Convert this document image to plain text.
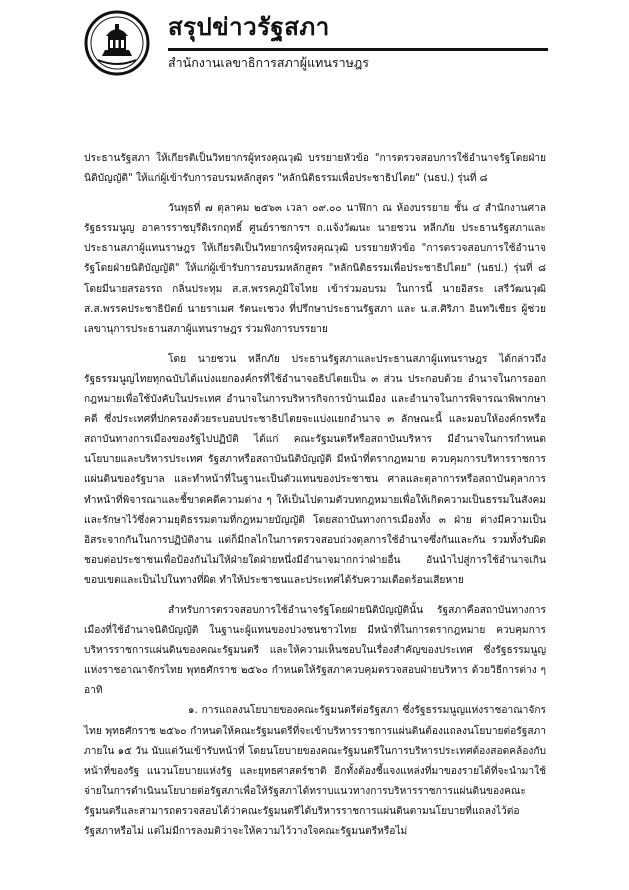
สรุปข่าวรัฐสภา
สำนักงานเลขาธิการสภาผู้แทนราษฎร

ประธานรัฐสภา ให้เกียรติเป็นวิทยากรผู้ทรงคุณวุฒิ บรรยายหัวข้อ "การตรวจสอบการใช้อำนาจรัฐโดยฝ่ายนิติบัญญัติ" ให้แก่ผู้เข้ารับการอบรมหลักสูตร "หลักนิติธรรมเพื่อประชาธิปไตย" (นธป.) รุ่นที่ ๘

วันพุธที่ ๗ ตุลาคม ๒๕๖๓ เวลา ๐๙.๐๐ นาฬิกา ณ ห้องบรรยาย ชั้น ๔ สำนักงานศาลรัฐธรรมนูญ อาคารราชบุรีดิเรกฤทธิ์ ศูนย์ราชการฯ ถ.แจ้งวัฒนะ นายชวน หลีกภัย ประธานรัฐสภาและประธานสภาผู้แทนราษฎร ให้เกียรติเป็นวิทยากรผู้ทรงคุณวุฒิ บรรยายหัวข้อ "การตรวจสอบการใช้อำนาจรัฐโดยฝ่ายนิติบัญญัติ" ให้แก่ผู้เข้ารับการอบรมหลักสูตร "หลักนิติธรรมเพื่อประชาธิปไตย" (นธป.) รุ่นที่ ๘ โดยมีนายสรอรรถ กลิ่นประทุม ส.ส.พรรคภูมิใจไทย เข้าร่วมอบรม ในการนี้ นายอิสระ เสรีวัฒนวุฒิ ส.ส.พรรคประชาธิปัตย์ นายราเมศ รัตนะเชวง ที่ปรึกษาประธานรัฐสภา และ น.ส.ศิริภา อินทวิเชียร ผู้ช่วยเลขานุการประธานสภาผู้แทนราษฎร ร่วมฟังการบรรยาย

โดย นายชวน หลีกภัย ประธานรัฐสภาและประธานสภาผู้แทนราษฎร ได้กล่าวถึงรัฐธรรมนูญไทยทุกฉบับได้แบ่งแยกองค์กรที่ใช้อำนาจอธิปไตยเป็น ๓ ส่วน ประกอบด้วย อำนาจในการออกกฎหมายเพื่อใช้บังคับในประเทศ อำนาจในการบริหารกิจการบ้านเมือง และอำนาจในการพิจารณาพิพากษาคดี ซึ่งประเทศที่ปกครองด้วยระบอบประชาธิปไตยจะแบ่งแยกอำนาจ ๓ ลักษณะนี้ และมอบให้องค์กรหรือสถาบันทางการเมืองของรัฐไปปฏิบัติ ได้แก่ คณะรัฐมนตรีหรือสถาบันบริหาร มีอำนาจในการกำหนดนโยบายและบริหารประเทศ รัฐสภาหรือสถาบันนิติบัญญัติ มีหน้าที่ตรากฎหมาย ควบคุมการบริหารราชการแผ่นดินของรัฐบาล และทำหน้าที่ในฐานะเป็นตัวแทนของประชาชน ศาลและตุลาการหรือสถาบันตุลาการ ทำหน้าที่พิจารณาและชี้ขาดคดีความต่าง ๆ ให้เป็นไปตามตัวบทกฎหมายเพื่อให้เกิดความเป็นธรรมในสังคมและรักษาไว้ซึ่งความยุติธรรมตามที่กฎหมายบัญญัติ โดยสถาบันทางการเมืองทั้ง ๓ ฝ่าย ต่างมีความเป็นอิสระจากกันในการปฏิบัติงาน แต่ก็มีกลไกในการตรวจสอบถ่วงดุลการใช้อำนาจซึ่งกันและกัน รวมทั้งรับผิดชอบต่อประชาชนเพื่อป้องกันไม่ให้ฝ่ายใดฝ่ายหนึ่งมีอำนาจมากกว่าฝ่ายอื่น อันนำไปสู่การใช้อำนาจเกินขอบเขตและเป็นไปในทางที่ผิด ทำให้ประชาชนและประเทศได้รับความเดือดร้อนเสียหาย

สำหรับการตรวจสอบการใช้อำนาจรัฐโดยฝ่ายนิติบัญญัตินั้น รัฐสภาคือสถาบันทางการเมืองที่ใช้อำนาจนิติบัญญัติ ในฐานะผู้แทนของปวงชนชาวไทย มีหน้าที่ในการตรากฎหมาย ควบคุมการบริหารราชการแผ่นดินของคณะรัฐมนตรี และให้ความเห็นชอบในเรื่องสำคัญของประเทศ ซึ่งรัฐธรรมนูญแห่งราชอาณาจักรไทย พุทธศักราช ๒๕๖๐ กำหนดให้รัฐสภาควบคุมตรวจสอบฝ่ายบริหาร ด้วยวิธีการต่าง ๆ อาทิ

๑. การแถลงนโยบายของคณะรัฐมนตรีต่อรัฐสภา ซึ่งรัฐธรรมนูญแห่งราชอาณาจักรไทย พุทธศักราช ๒๕๖๐ กำหนดให้คณะรัฐมนตรีที่จะเข้าบริหารราชการแผ่นดินต้องแถลงนโยบายต่อรัฐสภาภายใน ๑๕ วัน นับแต่วันเข้ารับหน้าที่ โดยนโยบายของคณะรัฐมนตรีในการบริหารประเทศต้องสอดคล้องกับหน้าที่ของรัฐ แนวนโยบายแห่งรัฐ และยุทธศาสตร์ชาติ อีกทั้งต้องชี้แจงแหล่งที่มาของรายได้ที่จะนำมาใช้จ่ายในการดำเนินนโยบายต่อรัฐสภาเพื่อให้รัฐสภาได้ทราบแนวทางการบริหารราชการแผ่นดินของคณะรัฐมนตรีและสามารถตรวจสอบได้ว่าคณะรัฐมนตรีได้บริหารราชการแผ่นดินตามนโยบายที่แถลงไว้ต่อรัฐสภาหรือไม่ แต่ไม่มีการลงมติว่าจะให้ความไว้วางใจคณะรัฐมนตรีหรือไม่
